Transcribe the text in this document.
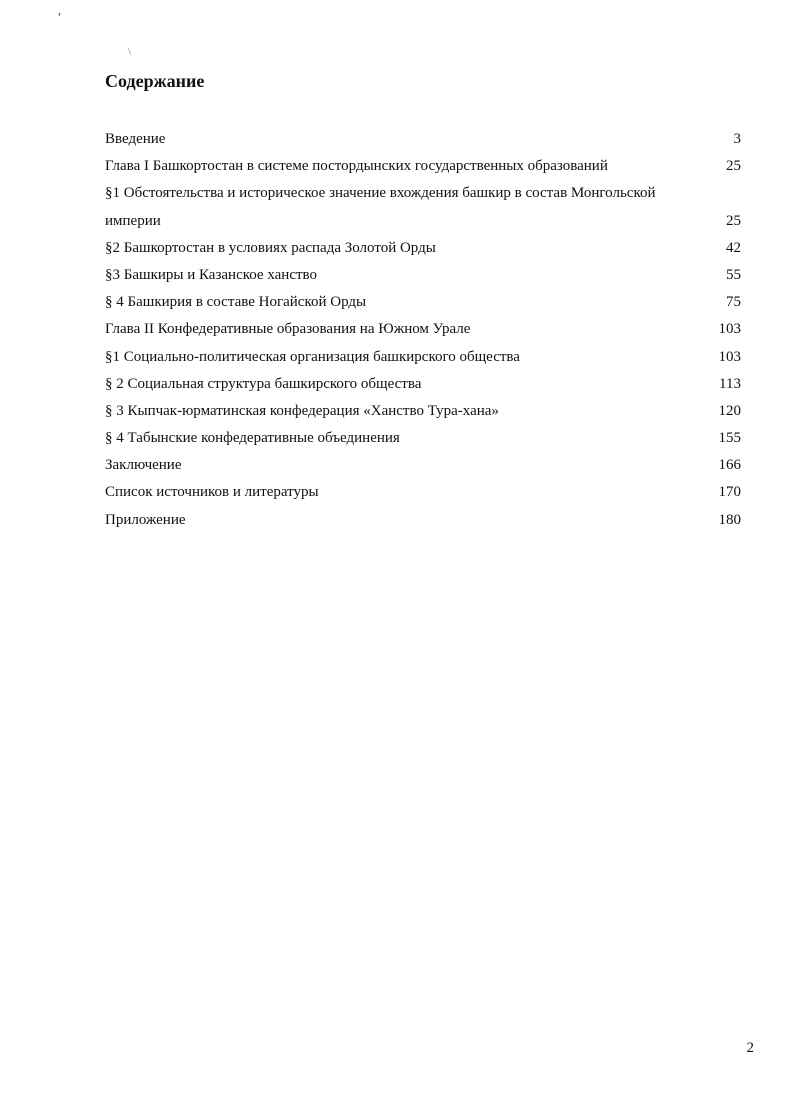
,
\
Содержание
Введение	3
Глава I Башкортостан в системе постордынских государственных образований	25
§1 Обстоятельства и историческое значение вхождения башкир в состав Монгольской империи	25
§2 Башкортостан в условиях распада Золотой Орды	42
§3 Башкиры и Казанское ханство	55
§ 4 Башкирия в составе Ногайской Орды	75
Глава II Конфедеративные образования на Южном Урале	103
§1 Социально-политическая организация башкирского общества	103
§ 2 Социальная структура башкирского общества	113
§ 3 Кыпчак-юрматинская конфедерация «Ханство Тура-хана»	120
§ 4 Табынские конфедеративные объединения	155
Заключение	166
Список источников и литературы	170
Приложение	180
2
